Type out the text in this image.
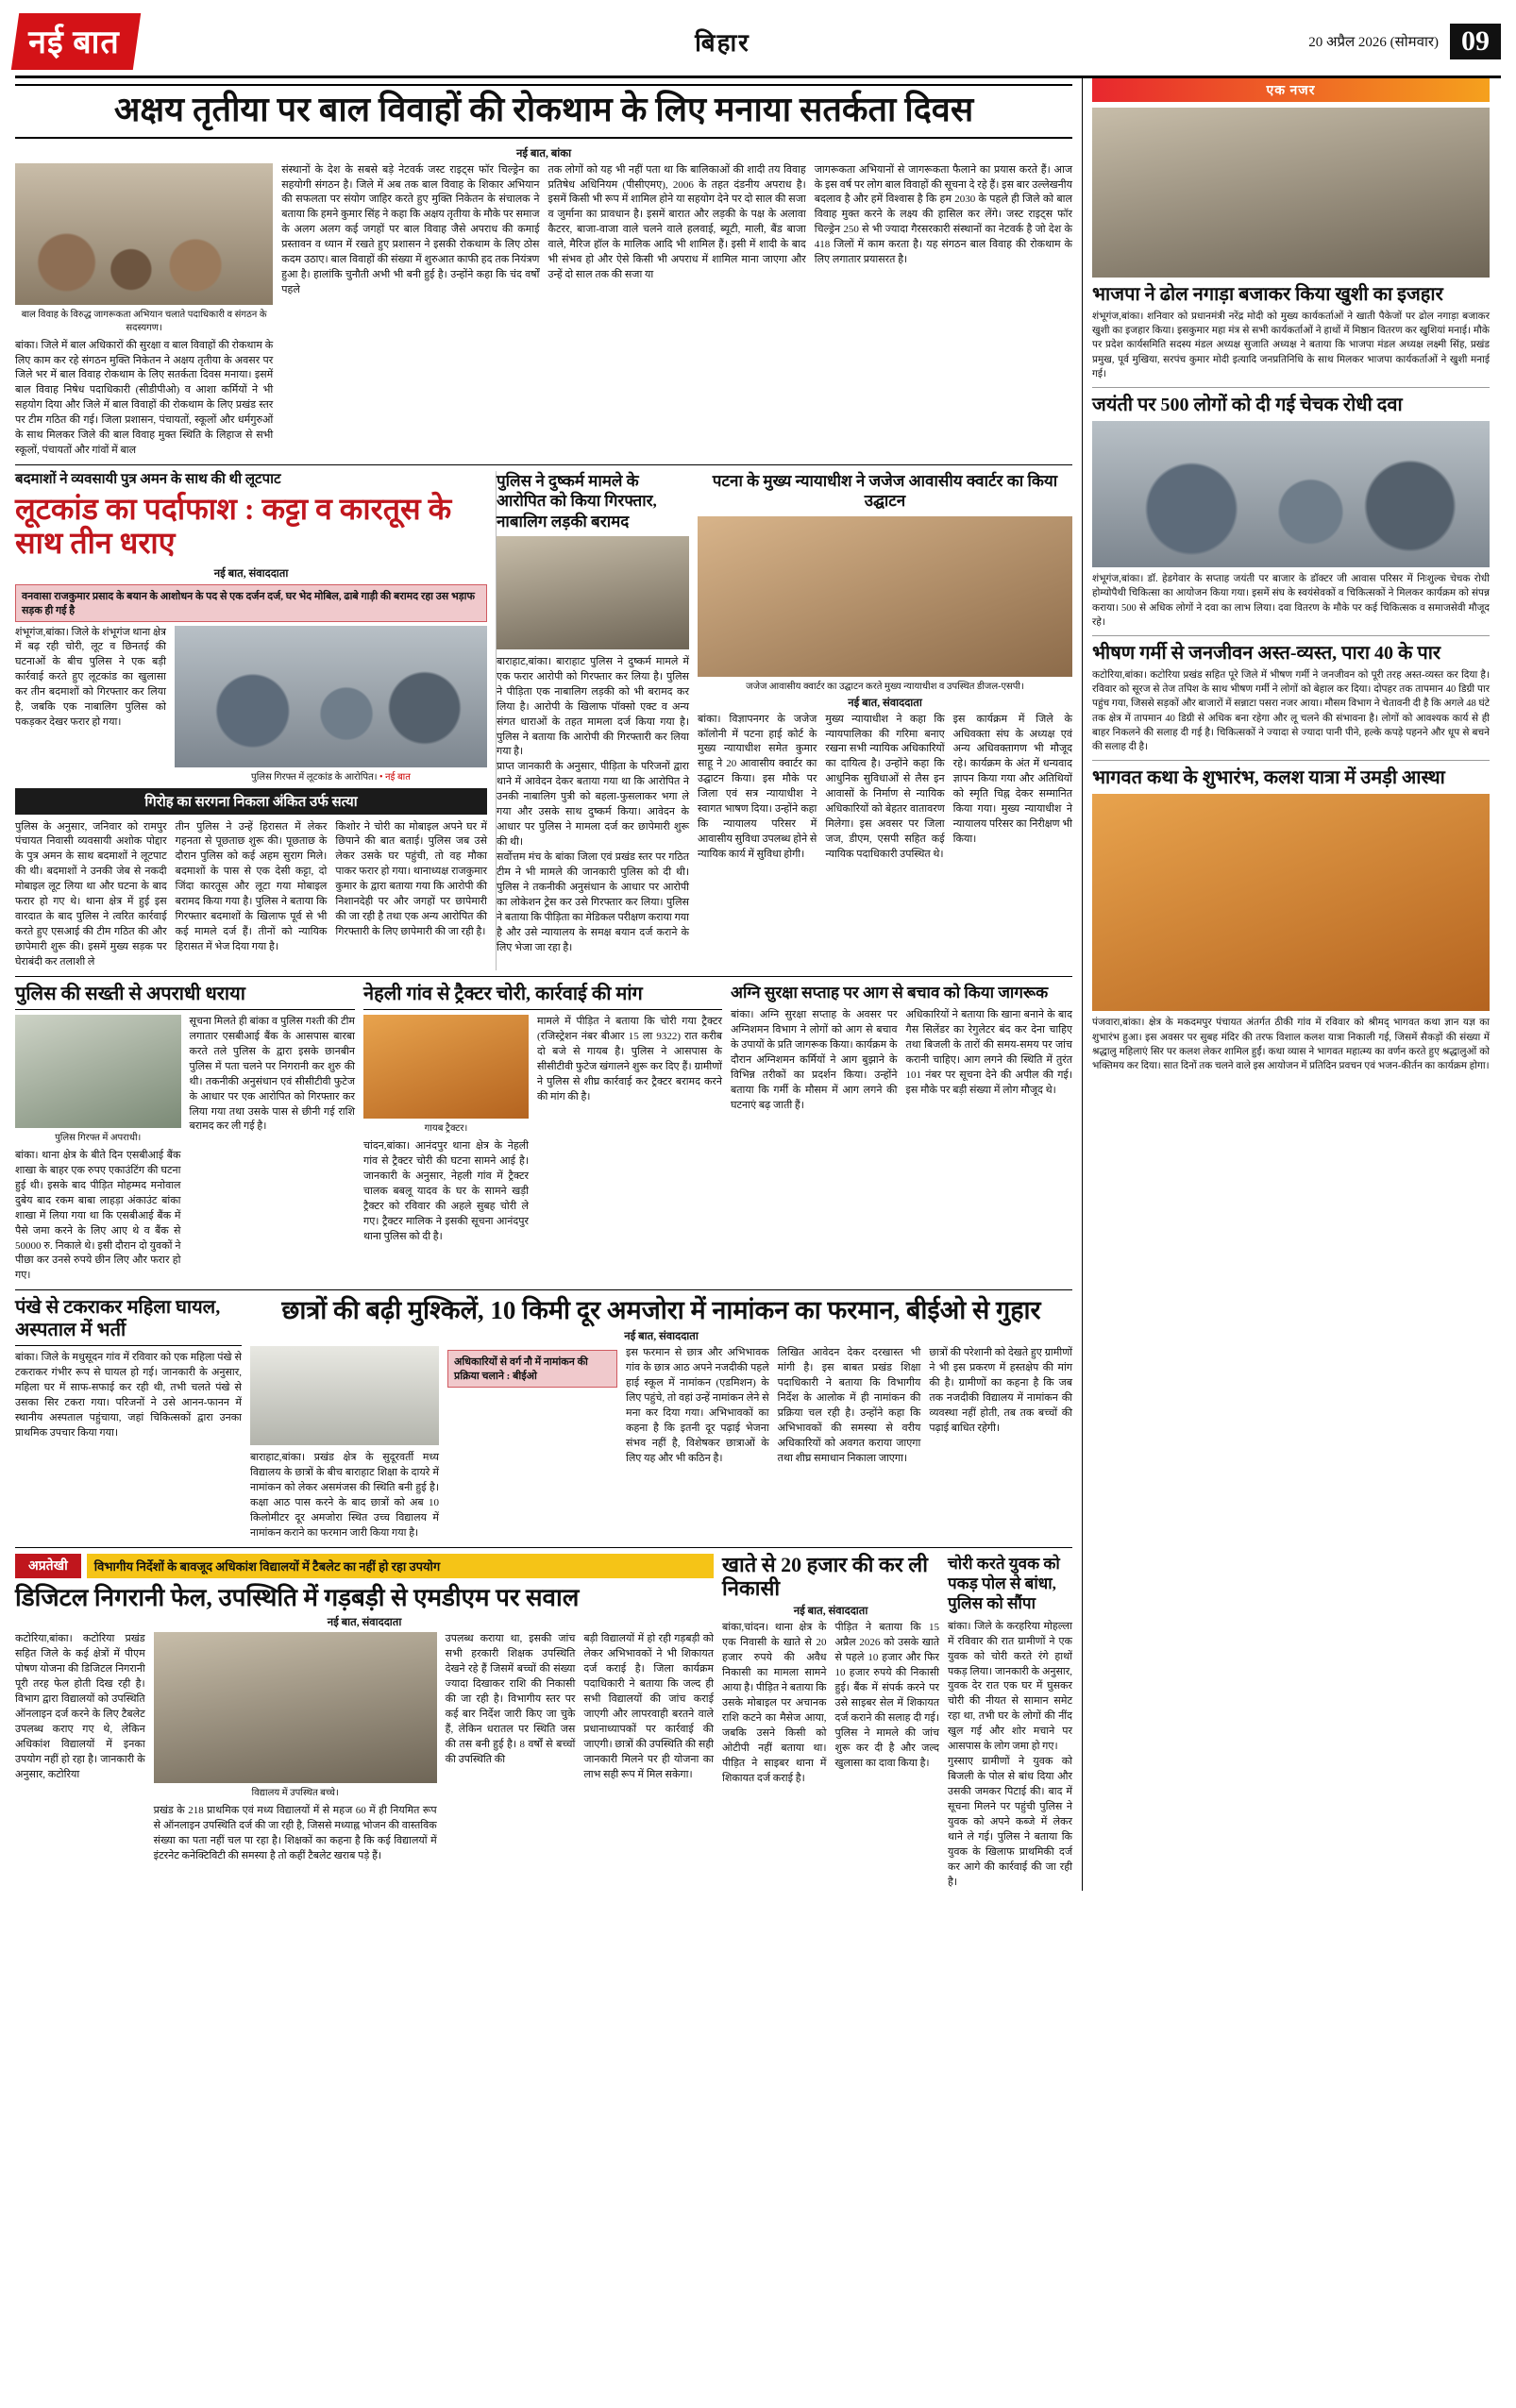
नई बात	बिहार	20 अप्रैल 2026 (सोमवार) 09
अक्षय तृतीया पर बाल विवाहों की रोकथाम के लिए मनाया सतर्कता दिवस
नई बात, बांका
बाल विवाह के विरुद्ध जागरूकता अभियान चलाते पदाधिकारी व संगठन के सदस्यगण।
बांका। जिले में बाल अधिकारों की सुरक्षा व बाल विवाहों की रोकथाम के लिए काम कर रहे संगठन मुक्ति निकेतन ने अक्षय तृतीया के अवसर पर जिले भर में बाल विवाह रोकथाम के लिए सतर्कता दिवस मनाया। इसमें बाल विवाह निषेध पदाधिकारी (सीडीपीओ) व आशा कर्मियों ने भी सहयोग दिया और जिले में बाल विवाहों की रोकथाम के लिए प्रखंड स्तर पर टीम गठित की गई। जिला प्रशासन, पंचायतों, स्कूलों और धर्मगुरुओं के साथ मिलकर जिले की बाल विवाह मुक्त स्थिति के लिहाज से सभी स्कूलों, पंचायतों और गांवों में बाल
संस्थानों के देश के सबसे बड़े नेटवर्क जस्ट राइट्स फॉर चिल्ड्रेन का सहयोगी संगठन है। जिले में अब तक बाल विवाह के शिकार अभियान की सफलता पर संयोग जाहिर करते हुए मुक्ति निकेतन के संचालक ने बताया कि हमने कुमार सिंह ने कहा कि अक्षय तृतीया के मौके पर समाज के अलग अलग कई जगहों पर बाल विवाह जैसे अपराध की कमाई प्रस्तावन व ध्यान में रखते हुए प्रशासन ने इसकी रोकथाम के लिए ठोस कदम उठाए। बाल विवाहों की संख्या में शुरुआत काफी हद तक नियंत्रण हुआ है। हालांकि चुनौती अभी भी बनी हुई है। उन्होंने कहा कि चंद वर्षों पहले
तक लोगों को यह भी नहीं पता था कि बालिकाओं की शादी तय विवाह प्रतिषेध अधिनियम (पीसीएमए), 2006 के तहत दंडनीय अपराध है। इसमें किसी भी रूप में शामिल होने या सहयोग देने पर दो साल की सजा व जुर्माना का प्रावधान है। इसमें बारात और लड़की के पक्ष के अलावा कैटरर, बाजा-वाजा वाले चलने वाले हलवाई, ब्यूटी, माली, बैंड बाजा वाले, मैरिज हॉल के मालिक आदि भी शामिल हैं। इसी में शादी के बाद भी संभव हो और ऐसे किसी भी अपराध में शामिल माना जाएगा और उन्हें दो साल तक की सजा या
जागरूकता अभियानों से जागरूकता फैलाने का प्रयास करते हैं। आज के इस वर्ष पर लोग बाल विवाहों की सूचना दे रहे हैं। इस बार उल्लेखनीय बदलाव है और हमें विश्वास है कि हम 2030 के पहले ही जिले को बाल विवाह मुक्त करने के लक्ष्य की हासिल कर लेंगे। जस्ट राइट्स फॉर चिल्ड्रेन 250 से भी ज्यादा गैरसरकारी संस्थानों का नेटवर्क है जो देश के 418 जिलों में काम करता है। यह संगठन बाल विवाह की रोकथाम के लिए लगातार प्रयासरत है।
बदमाशों ने व्यवसायी पुत्र अमन के साथ की थी लूटपाट
लूटकांड का पर्दाफाश : कट्टा व कारतूस के साथ तीन धराए
नई बात, संवाददाता
वनवासा राजकुमार प्रसाद के बयान के आशोधन के पद से एक दर्जन दर्ज, घर भेद मोबिल, ढाबे गाड़ी की बरामद रहा उस भड़ाफ सड़क ही गई है
शंभूगंज,बांका। जिले के शंभूगंज थाना क्षेत्र में बढ़ रही चोरी, लूट व छिनतई की घटनाओं के बीच पुलिस ने एक बड़ी कार्रवाई करते हुए लूटकांड का खुलासा कर तीन बदमाशों को गिरफ्तार कर लिया है, जबकि एक नाबालिग पुलिस को पकड़कर देखर फरार हो गया।
पुलिस गिरफ्त में लूटकांड के आरोपित। • नई बात
गिरोह का सरगना निकला अंकित उर्फ सत्या
पुलिस के अनुसार, जनिवार को रामपुर पंचायत निवासी व्यवसायी अशोक पोद्दार के पुत्र अमन के साथ बदमाशों ने लूटपाट की थी। बदमाशों ने उनकी जेब से नकदी मोबाइल लूट लिया था और घटना के बाद फरार हो गए थे। थाना क्षेत्र में हुई इस वारदात के बाद पुलिस ने त्वरित कार्रवाई करते हुए एसआई की टीम गठित की और छापेमारी शुरू की। इसमें मुख्य सड़क पर घेराबंदी कर तलाशी ले
तीन पुलिस ने उन्हें हिरासत में लेकर गहनता से पूछताछ शुरू की। पूछताछ के दौरान पुलिस को कई अहम सुराग मिले। बदमाशों के पास से एक देसी कट्टा, दो जिंदा कारतूस और लूटा गया मोबाइल बरामद किया गया है। पुलिस ने बताया कि गिरफ्तार बदमाशों के खिलाफ पूर्व से भी कई मामले दर्ज हैं। तीनों को न्यायिक हिरासत में भेज दिया गया है।
किशोर ने चोरी का मोबाइल अपने घर में छिपाने की बात बताई। पुलिस जब उसे लेकर उसके घर पहुंची, तो वह मौका पाकर फरार हो गया। थानाध्यक्ष राजकुमार कुमार के द्वारा बताया गया कि आरोपी की निशानदेही पर और जगहों पर छापेमारी की जा रही है तथा एक अन्य आरोपित की गिरफ्तारी के लिए छापेमारी की जा रही है।
पुलिस ने दुष्कर्म मामले के आरोपित को किया गिरफ्तार, नाबालिग लड़की बरामद
बाराहाट,बांका। बाराहाट पुलिस ने दुष्कर्म मामले में एक फरार आरोपी को गिरफ्तार कर लिया है। पुलिस ने पीड़िता एक नाबालिग लड़की को भी बरामद कर लिया है। आरोपी के खिलाफ पॉक्सो एक्ट व अन्य संगत धाराओं के तहत मामला दर्ज किया गया है। पुलिस ने बताया कि आरोपी की गिरफ्तारी कर लिया गया है।
प्राप्त जानकारी के अनुसार, पीड़िता के परिजनों द्वारा थाने में आवेदन देकर बताया गया था कि आरोपित ने उनकी नाबालिग पुत्री को बहला-फुसलाकर भगा ले गया और उसके साथ दुष्कर्म किया। आवेदन के आधार पर पुलिस ने मामला दर्ज कर छापेमारी शुरू की थी।
सर्वोत्तम मंच के बांका जिला एवं प्रखंड स्तर पर गठित टीम ने भी मामले की जानकारी पुलिस को दी थी। पुलिस ने तकनीकी अनुसंधान के आधार पर आरोपी का लोकेशन ट्रेस कर उसे गिरफ्तार कर लिया। पुलिस ने बताया कि पीड़िता का मेडिकल परीक्षण कराया गया है और उसे न्यायालय के समक्ष बयान दर्ज कराने के लिए भेजा जा रहा है।
पटना के मुख्य न्यायाधीश ने जजेज आवासीय क्वार्टर का किया उद्घाटन
जजेज आवासीय क्वार्टर का उद्घाटन करते मुख्य न्यायाधीश व उपस्थित डीजल-एसपी।
नई बात, संवाददाता
बांका। विज्ञापनगर के जजेज कॉलोनी में पटना हाई कोर्ट के मुख्य न्यायाधीश समेत कुमार साहू ने 20 आवासीय क्वार्टर का उद्घाटन किया। इस मौके पर जिला एवं सत्र न्यायाधीश ने स्वागत भाषण दिया। उन्होंने कहा कि न्यायालय परिसर में आवासीय सुविधा उपलब्ध होने से न्यायिक कार्य में सुविधा होगी।
मुख्य न्यायाधीश ने कहा कि न्यायपालिका की गरिमा बनाए रखना सभी न्यायिक अधिकारियों का दायित्व है। उन्होंने कहा कि आधुनिक सुविधाओं से लैस इन आवासों के निर्माण से न्यायिक अधिकारियों को बेहतर वातावरण मिलेगा। इस अवसर पर जिला जज, डीएम, एसपी सहित कई न्यायिक पदाधिकारी उपस्थित थे।
इस कार्यक्रम में जिले के अधिवक्ता संघ के अध्यक्ष एवं अन्य अधिवक्तागण भी मौजूद रहे। कार्यक्रम के अंत में धन्यवाद ज्ञापन किया गया और अतिथियों को स्मृति चिह्न देकर सम्मानित किया गया। मुख्य न्यायाधीश ने न्यायालय परिसर का निरीक्षण भी किया।
पुलिस की सख्ती से अपराधी धराया
पुलिस गिरफ्त में अपराधी।
बांका। थाना क्षेत्र के बीते दिन एसबीआई बैंक शाखा के बाहर एक रुपए एकाउंटिंग की घटना हुई थी। इसके बाद पीड़ित मोहम्मद मनोवाल दुबेय बाद रकम बाबा लाहड़ा अंकाउंट बांका शाखा में लिया गया था कि एसबीआई बैंक में पैसे जमा करने के लिए आए थे व बैंक से 50000 रु. निकाले थे। इसी दौरान दो युवकों ने पीछा कर उनसे रुपये छीन लिए और फरार हो गए।
सूचना मिलते ही बांका व पुलिस गश्ती की टीम लगातार एसबीआई बैंक के आसपास बारबा करते तले पुलिस के द्वारा इसके छानबीन पुलिस में पता चलने पर निगरानी कर शुरु की थी। तकनीकी अनुसंधान एवं सीसीटीवी फुटेज के आधार पर एक आरोपित को गिरफ्तार कर लिया गया तथा उसके पास से छीनी गई राशि बरामद कर ली गई है।
नेहली गांव से ट्रैक्टर चोरी, कार्रवाई की मांग
गायब ट्रैक्टर।
चांदन,बांका। आनंदपुर थाना क्षेत्र के नेहली गांव से ट्रैक्टर चोरी की घटना सामने आई है। जानकारी के अनुसार, नेहली गांव में ट्रैक्टर चालक बबलू यादव के घर के सामने खड़ी ट्रैक्टर को रविवार की अहले सुबह चोरी ले गए। ट्रैक्टर मालिक ने इसकी सूचना आनंदपुर थाना पुलिस को दी है।
मामले में पीड़ित ने बताया कि चोरी गया ट्रैक्टर (रजिस्ट्रेशन नंबर बीआर 15 ला 9322) रात करीब दो बजे से गायब है। पुलिस ने आसपास के सीसीटीवी फुटेज खंगालने शुरू कर दिए हैं। ग्रामीणों ने पुलिस से शीघ्र कार्रवाई कर ट्रैक्टर बरामद करने की मांग की है।
अग्नि सुरक्षा सप्ताह पर आग से बचाव को किया जागरूक
बांका। अग्नि सुरक्षा सप्ताह के अवसर पर अग्निशमन विभाग ने लोगों को आग से बचाव के उपायों के प्रति जागरूक किया। कार्यक्रम के दौरान अग्निशमन कर्मियों ने आग बुझाने के विभिन्न तरीकों का प्रदर्शन किया। उन्होंने बताया कि गर्मी के मौसम में आग लगने की घटनाएं बढ़ जाती हैं।
अधिकारियों ने बताया कि खाना बनाने के बाद गैस सिलेंडर का रेगुलेटर बंद कर देना चाहिए तथा बिजली के तारों की समय-समय पर जांच करानी चाहिए। आग लगने की स्थिति में तुरंत 101 नंबर पर सूचना देने की अपील की गई। इस मौके पर बड़ी संख्या में लोग मौजूद थे।
पंखे से टकराकर महिला घायल, अस्पताल में भर्ती
बांका। जिले के मधुसूदन गांव में रविवार को एक महिला पंखे से टकराकर गंभीर रूप से घायल हो गई। जानकारी के अनुसार, महिला घर में साफ-सफाई कर रही थी, तभी चलते पंखे से उसका सिर टकरा गया। परिजनों ने उसे आनन-फानन में स्थानीय अस्पताल पहुंचाया, जहां चिकित्सकों द्वारा उनका प्राथमिक उपचार किया गया।
छात्रों की बढ़ी मुश्किलें, 10 किमी दूर अमजोरा में नामांकन का फरमान, बीईओ से गुहार
नई बात, संवाददाता
बाराहाट,बांका। प्रखंड क्षेत्र के सुदूरवर्ती मध्य विद्यालय के छात्रों के बीच बाराहाट शिक्षा के दायरे में नामांकन को लेकर असमंजस की स्थिति बनी हुई है। कक्षा आठ पास करने के बाद छात्रों को अब 10 किलोमीटर दूर अमजोरा स्थित उच्च विद्यालय में नामांकन कराने का फरमान जारी किया गया है।
अधिकारियों से वर्ग नौ में नामांकन की प्रक्रिया चलाने : बीईओ
इस फरमान से छात्र और अभिभावक गांव के छात्र आठ अपने नजदीकी पहले हाई स्कूल में नामांकन (एडमिशन) के लिए पहुंचे, तो वहां उन्हें नामांकन लेने से मना कर दिया गया। अभिभावकों का कहना है कि इतनी दूर पढ़ाई भेजना संभव नहीं है, विशेषकर छात्राओं के लिए यह और भी कठिन है।
लिखित आवेदन देकर दरखास्त भी मांगी है। इस बाबत प्रखंड शिक्षा पदाधिकारी ने बताया कि विभागीय निर्देश के आलोक में ही नामांकन की प्रक्रिया चल रही है। उन्होंने कहा कि अभिभावकों की समस्या से वरीय अधिकारियों को अवगत कराया जाएगा तथा शीघ्र समाधान निकाला जाएगा।
छात्रों की परेशानी को देखते हुए ग्रामीणों ने भी इस प्रकरण में हस्तक्षेप की मांग की है। ग्रामीणों का कहना है कि जब तक नजदीकी विद्यालय में नामांकन की व्यवस्था नहीं होती, तब तक बच्चों की पढ़ाई बाधित रहेगी।
अप्रतेखी	विभागीय निर्देशों के बावजूद अधिकांश विद्यालयों में टैबलेट का नहीं हो रहा उपयोग
डिजिटल निगरानी फेल, उपस्थिति में गड़बड़ी से एमडीएम पर सवाल
नई बात, संवाददाता
कटोरिया,बांका। कटोरिया प्रखंड सहित जिले के कई क्षेत्रों में पीएम पोषण योजना की डिजिटल निगरानी पूरी तरह फेल होती दिख रही है। विभाग द्वारा विद्यालयों को उपस्थिति ऑनलाइन दर्ज करने के लिए टैबलेट उपलब्ध कराए गए थे, लेकिन अधिकांश विद्यालयों में इनका उपयोग नहीं हो रहा है। जानकारी के अनुसार, कटोरिया
विद्यालय में उपस्थित बच्चे।
प्रखंड के 218 प्राथमिक एवं मध्य विद्यालयों में से महज 60 में ही नियमित रूप से ऑनलाइन उपस्थिति दर्ज की जा रही है, जिससे मध्याह्न भोजन की वास्तविक संख्या का पता नहीं चल पा रहा है। शिक्षकों का कहना है कि कई विद्यालयों में इंटरनेट कनेक्टिविटी की समस्या है तो कहीं टैबलेट खराब पड़े हैं।
उपलब्ध कराया था, इसकी जांच सभी हरकारी शिक्षक उपस्थिति देखने रहे हैं जिसमें बच्चों की संख्या ज्यादा दिखाकर राशि की निकासी की जा रही है। विभागीय स्तर पर कई बार निर्देश जारी किए जा चुके हैं, लेकिन धरातल पर स्थिति जस की तस बनी हुई है। 8 वर्षों से बच्चों की उपस्थिति की
बड़ी विद्यालयों में हो रही गड़बड़ी को लेकर अभिभावकों ने भी शिकायत दर्ज कराई है। जिला कार्यक्रम पदाधिकारी ने बताया कि जल्द ही सभी विद्यालयों की जांच कराई जाएगी और लापरवाही बरतने वाले प्रधानाध्यापकों पर कार्रवाई की जाएगी। छात्रों की उपस्थिति की सही जानकारी मिलने पर ही योजना का लाभ सही रूप में मिल सकेगा।
खाते से 20 हजार की कर ली निकासी
नई बात, संवाददाता
बांका,चांदन। थाना क्षेत्र के एक निवासी के खाते से 20 हजार रुपये की अवैध निकासी का मामला सामने आया है। पीड़ित ने बताया कि उसके मोबाइल पर अचानक राशि कटने का मैसेज आया, जबकि उसने किसी को ओटीपी नहीं बताया था। पीड़ित ने साइबर थाना में शिकायत दर्ज कराई है।
पीड़ित ने बताया कि 15 अप्रैल 2026 को उसके खाते से पहले 10 हजार और फिर 10 हजार रुपये की निकासी हुई। बैंक में संपर्क करने पर उसे साइबर सेल में शिकायत दर्ज कराने की सलाह दी गई। पुलिस ने मामले की जांच शुरू कर दी है और जल्द खुलासा का दावा किया है।
चोरी करते युवक को पकड़ पोल से बांधा, पुलिस को सौंपा
बांका। जिले के करहरिया मोहल्ला में रविवार की रात ग्रामीणों ने एक युवक को चोरी करते रंगे हाथों पकड़ लिया। जानकारी के अनुसार, युवक देर रात एक घर में घुसकर चोरी की नीयत से सामान समेट रहा था, तभी घर के लोगों की नींद खुल गई और शोर मचाने पर आसपास के लोग जमा हो गए।
गुस्साए ग्रामीणों ने युवक को बिजली के पोल से बांध दिया और उसकी जमकर पिटाई की। बाद में सूचना मिलने पर पहुंची पुलिस ने युवक को अपने कब्जे में लेकर थाने ले गई। पुलिस ने बताया कि युवक के खिलाफ प्राथमिकी दर्ज कर आगे की कार्रवाई की जा रही है।
एक नजर
भाजपा ने ढोल नगाड़ा बजाकर किया खुशी का इजहार
शंभूगंज,बांका। शनिवार को प्रधानमंत्री नरेंद्र मोदी को मुख्य कार्यकर्ताओं ने खाती पैकेजों पर ढोल नगाड़ा बजाकर खुशी का इजहार किया। इसकुमार महा मंत्र से सभी कार्यकर्ताओं ने हाथों में मिष्ठान वितरण कर खुशियां मनाई। मौके पर प्रदेश कार्यसमिति सदस्य मंडल अध्यक्ष सुजाति अध्यक्ष ने बताया कि भाजपा मंडल अध्यक्ष लक्ष्मी सिंह, प्रखंड प्रमुख, पूर्व मुखिया, सरपंच कुमार मोदी इत्यादि जनप्रतिनिधि के साथ मिलकर भाजपा कार्यकर्ताओं ने खुशी मनाई गई।
जयंती पर 500 लोगों को दी गई चेचक रोधी दवा
शंभूगंज,बांका। डॉ. हेडगेवार के सप्ताह जयंती पर बाजार के डॉक्टर जी आवास परिसर में निःशुल्क चेचक रोधी होम्योपैथी चिकित्सा का आयोजन किया गया। इसमें संघ के स्वयंसेवकों व चिकित्सकों ने मिलकर कार्यक्रम को संपन्न कराया। 500 से अधिक लोगों ने दवा का लाभ लिया। दवा वितरण के मौके पर कई चिकित्सक व समाजसेवी मौजूद रहे।
भीषण गर्मी से जनजीवन अस्त-व्यस्त, पारा 40 के पार
कटोरिया,बांका। कटोरिया प्रखंड सहित पूरे जिले में भीषण गर्मी ने जनजीवन को पूरी तरह अस्त-व्यस्त कर दिया है। रविवार को सूरज से तेज तपिश के साथ भीषण गर्मी ने लोगों को बेहाल कर दिया। दोपहर तक तापमान 40 डिग्री पार पहुंच गया, जिससे सड़कों और बाजारों में सन्नाटा पसरा नजर आया। मौसम विभाग ने चेतावनी दी है कि अगले 48 घंटे तक क्षेत्र में तापमान 40 डिग्री से अधिक बना रहेगा और लू चलने की संभावना है। लोगों को आवश्यक कार्य से ही बाहर निकलने की सलाह दी गई है। चिकित्सकों ने ज्यादा से ज्यादा पानी पीने, हल्के कपड़े पहनने और धूप से बचने की सलाह दी है।
भागवत कथा के शुभारंभ, कलश यात्रा में उमड़ी आस्था
पंजवारा,बांका। क्षेत्र के मकदमपुर पंचायत अंतर्गत ठीकी गांव में रविवार को श्रीमद् भागवत कथा ज्ञान यज्ञ का शुभारंभ हुआ। इस अवसर पर सुबह मंदिर की तरफ विशाल कलश यात्रा निकाली गई, जिसमें सैकड़ों की संख्या में श्रद्धालु महिलाएं सिर पर कलश लेकर शामिल हुईं। कथा व्यास ने भागवत महात्म्य का वर्णन करते हुए श्रद्धालुओं को भक्तिमय कर दिया। सात दिनों तक चलने वाले इस आयोजन में प्रतिदिन प्रवचन एवं भजन-कीर्तन का कार्यक्रम होगा।
